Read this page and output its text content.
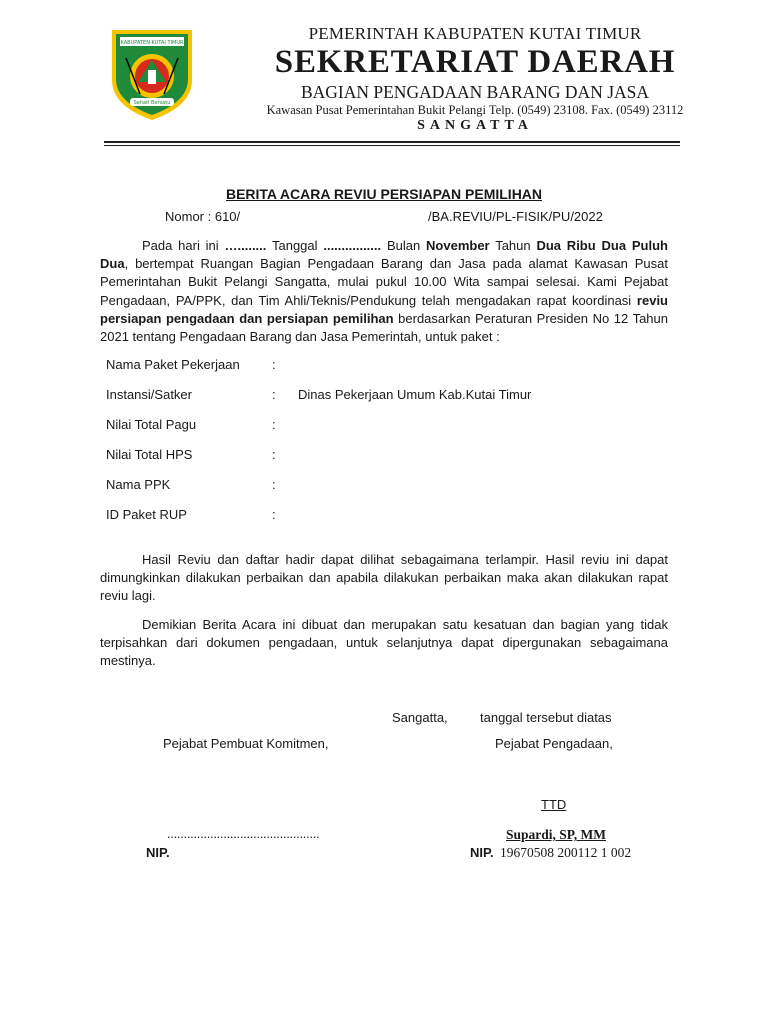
KABUPATEN KUTAI TIMUR
Sehati Bersatu
PEMERINTAH KABUPATEN KUTAI TIMUR
SEKRETARIAT DAERAH
BAGIAN PENGADAAN BARANG DAN JASA
Kawasan Pusat Pemerintahan Bukit Pelangi Telp. (0549) 23108. Fax. (0549) 23112
SANGATTA
BERITA ACARA REVIU PERSIAPAN PEMILIHAN
Nomor : 610/	/BA.REVIU/PL-FISIK/PU/2022
Pada hari ini …........ Tanggal ................ Bulan November Tahun Dua Ribu Dua Puluh Dua, bertempat Ruangan Bagian Pengadaan Barang dan Jasa pada alamat Kawasan Pusat Pemerintahan Bukit Pelangi Sangatta, mulai pukul 10.00 Wita sampai selesai. Kami Pejabat Pengadaan, PA/PPK, dan Tim Ahli/Teknis/Pendukung telah mengadakan rapat koordinasi reviu persiapan pengadaan dan persiapan pemilihan berdasarkan Peraturan Presiden No 12 Tahun 2021 tentang Pengadaan Barang dan Jasa Pemerintah, untuk paket :
Nama Paket Pekerjaan :
Instansi/Satker	: Dinas Pekerjaan Umum Kab.Kutai Timur
Nilai Total Pagu	:
Nilai Total HPS	:
Nama PPK	:
ID Paket RUP	:
Hasil Reviu dan daftar hadir dapat dilihat sebagaimana terlampir. Hasil reviu ini dapat dimungkinkan dilakukan perbaikan dan apabila dilakukan perbaikan maka akan dilakukan rapat reviu lagi.
Demikian Berita Acara ini dibuat dan merupakan satu kesatuan dan bagian yang tidak terpisahkan dari dokumen pengadaan, untuk selanjutnya dapat dipergunakan sebagaimana mestinya.
Sangatta, tanggal tersebut diatas
Pejabat Pembuat Komitmen,	Pejabat Pengadaan,
TTD
..............................................	Supardi, SP, MM
NIP.	NIP. 19670508 200112 1 002
